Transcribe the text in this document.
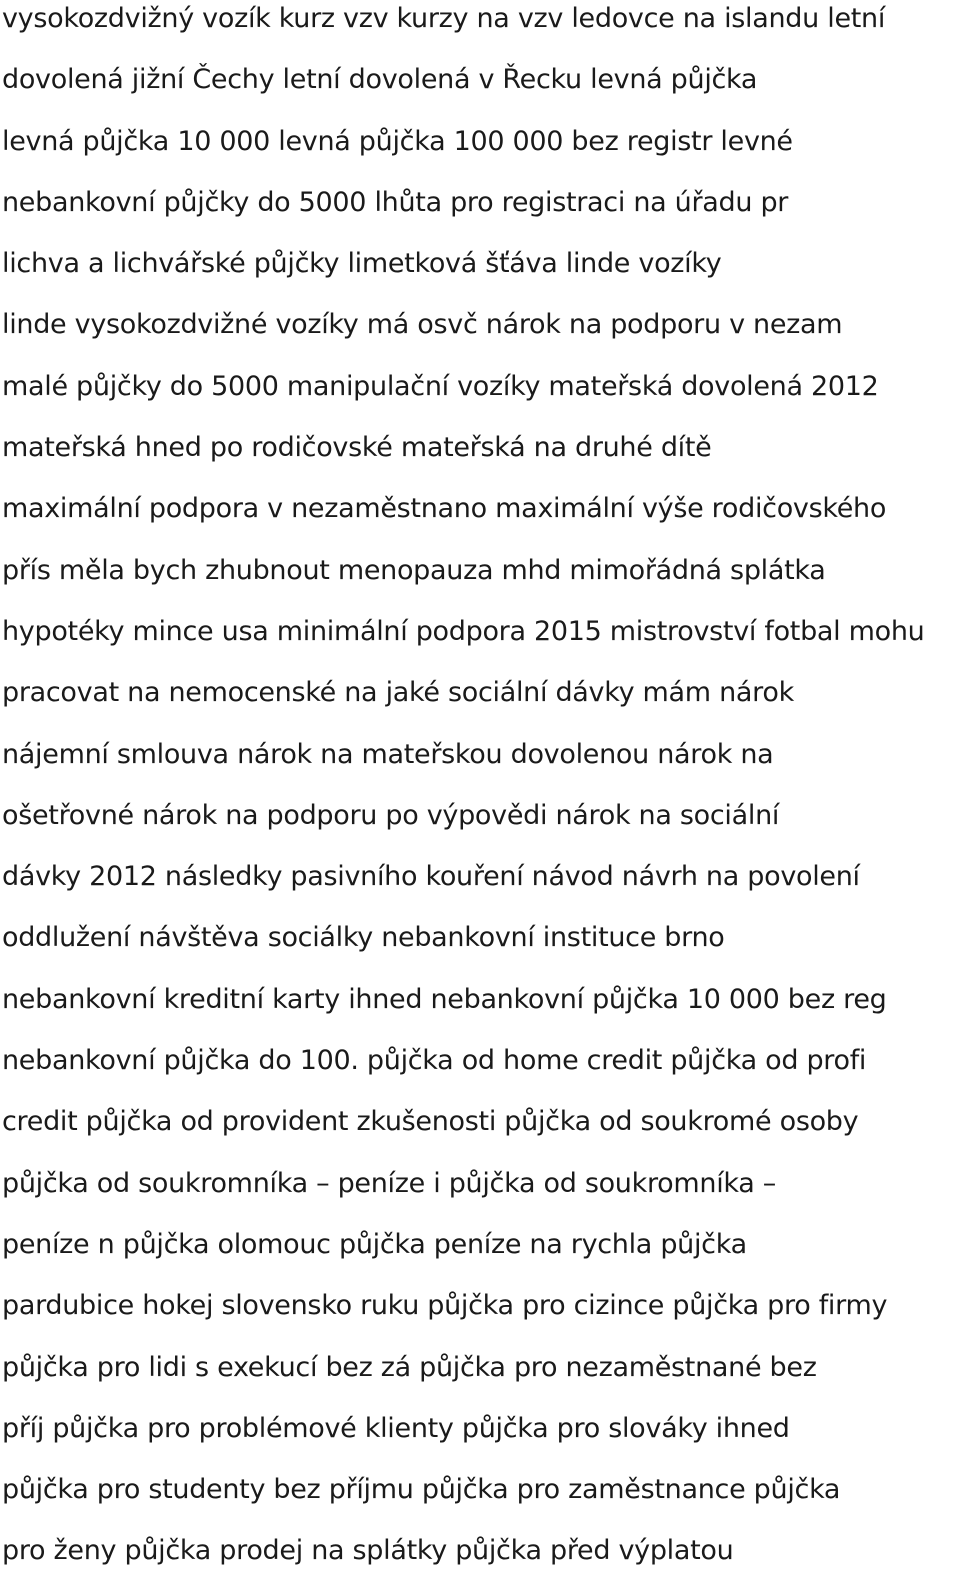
vysokozdvižný vozík kurz vzv kurzy na vzv ledovce na islandu letní
dovolená jižní Čechy letní dovolená v Řecku levná půjčka
levná půjčka 10 000 levná půjčka 100 000 bez registr levné
nebankovní půjčky do 5000 lhůta pro registraci na úřadu pr
lichva a lichvářské půjčky limetková šťáva linde vozíky
linde vysokozdvižné vozíky má osvč nárok na podporu v nezam
malé půjčky do 5000 manipulační vozíky mateřská dovolená 2012
mateřská hned po rodičovské mateřská na druhé dítě
maximální podpora v nezaměstnano maximální výše rodičovského
přís měla bych zhubnout menopauza mhd mimořádná splátka
hypotéky mince usa minimální podpora 2015 mistrovství fotbal mohu
pracovat na nemocenské na jaké sociální dávky mám nárok
nájemní smlouva nárok na mateřskou dovolenou nárok na
ošetřovné nárok na podporu po výpovědi nárok na sociální
dávky 2012 následky pasivního kouření návod návrh na povolení
oddlužení návštěva sociálky nebankovní instituce brno
nebankovní kreditní karty ihned nebankovní půjčka 10 000 bez reg
nebankovní půjčka do 100. půjčka od home credit půjčka od profi
credit půjčka od provident zkušenosti půjčka od soukromé osoby
půjčka od soukromníka – peníze i půjčka od soukromníka –
peníze n půjčka olomouc půjčka peníze na rychla půjčka
pardubice hokej slovensko ruku půjčka pro cizince půjčka pro firmy
půjčka pro lidi s exekucí bez zá půjčka pro nezaměstnané bez
příj půjčka pro problémové klienty půjčka pro slováky ihned
půjčka pro studenty bez příjmu půjčka pro zaměstnance půjčka
pro ženy půjčka prodej na splátky půjčka před výplatou
